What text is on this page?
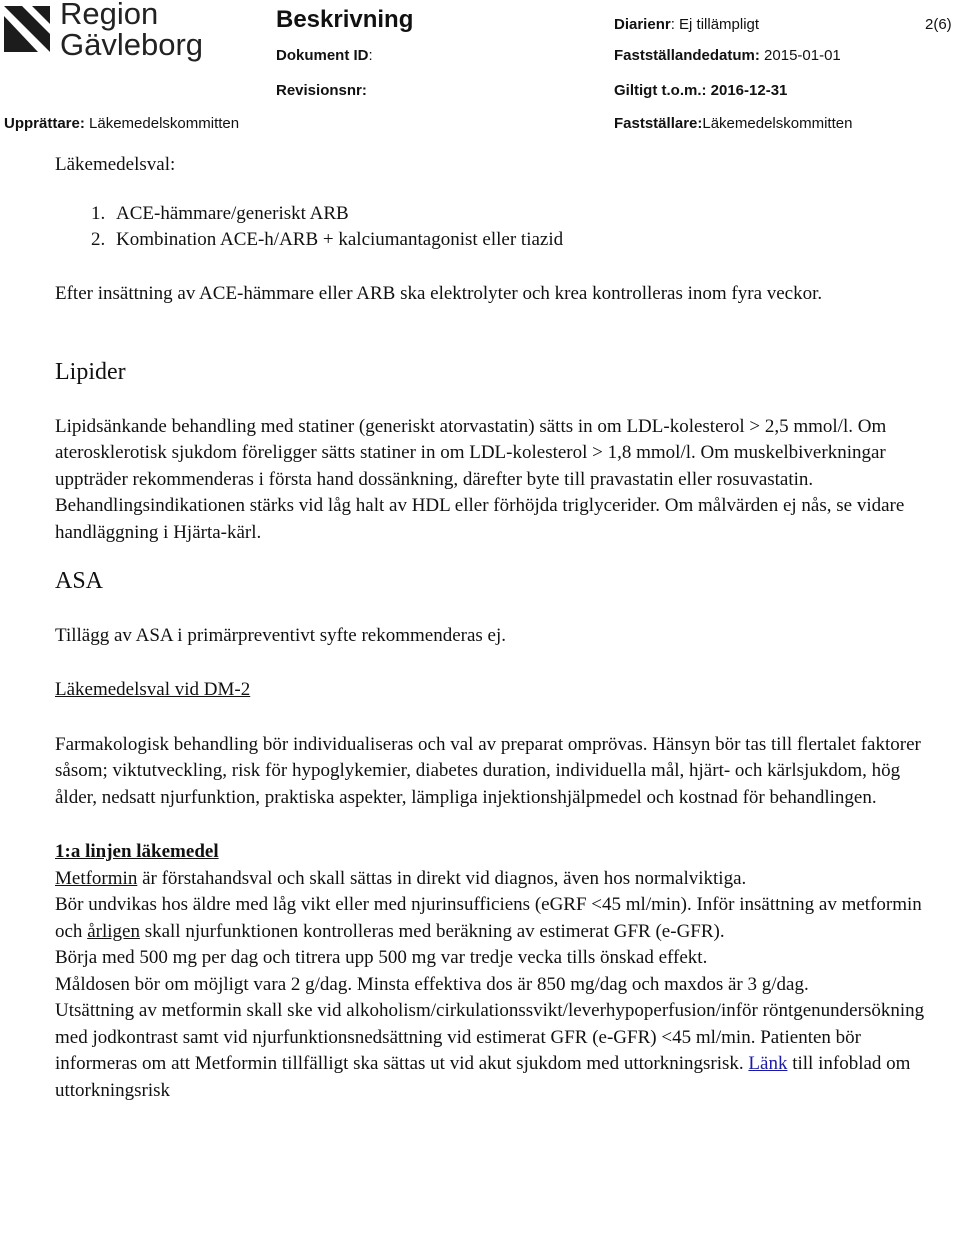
Region
Gävleborg
Beskrivning	Diarienr: Ej tillämpligt	2(6)
Dokument ID:	Fastställandedatum: 2015-01-01
Revisionsnr:	Giltigt t.o.m.: 2016-12-31
Upprättare: Läkemedelskommitten	Fastställare:Läkemedelskommitten

Läkemedelsval:

1. ACE-hämmare/generiskt ARB
2. Kombination ACE-h/ARB + kalciumantagonist eller tiazid

Efter insättning av ACE-hämmare eller ARB ska elektrolyter och krea kontrolleras inom fyra veckor.

Lipider

Lipidsänkande behandling med statiner (generiskt atorvastatin) sätts in om LDL-kolesterol > 2,5 mmol/l. Om aterosklerotisk sjukdom föreligger sätts statiner in om LDL-kolesterol > 1,8 mmol/l. Om muskelbiverkningar uppträder rekommenderas i första hand dossänkning, därefter byte till pravastatin eller rosuvastatin. Behandlingsindikationen stärks vid låg halt av HDL eller förhöjda triglycerider. Om målvärden ej nås, se vidare handläggning i Hjärta-kärl.

ASA

Tillägg av ASA i primärpreventivt syfte rekommenderas ej.

Läkemedelsval vid DM-2

Farmakologisk behandling bör individualiseras och val av preparat omprövas. Hänsyn bör tas till flertalet faktorer såsom; viktutveckling, risk för hypoglykemier, diabetes duration, individuella mål, hjärt- och kärlsjukdom, hög ålder, nedsatt njurfunktion, praktiska aspekter, lämpliga injektionshjälpmedel och kostnad för behandlingen.

1:a linjen läkemedel

Metformin är förstahandsval och skall sättas in direkt vid diagnos, även hos normalviktiga.

Bör undvikas hos äldre med låg vikt eller med njurinsufficiens (eGRF <45 ml/min). Inför insättning av metformin och årligen skall njurfunktionen kontrolleras med beräkning av estimerat GFR (e-GFR).

Börja med 500 mg per dag och titrera upp 500 mg var tredje vecka tills önskad effekt.

Måldosen bör om möjligt vara 2 g/dag. Minsta effektiva dos är 850 mg/dag och maxdos är 3 g/dag.

Utsättning av metformin skall ske vid alkoholism/cirkulationssvikt/leverhypoperfusion/inför röntgenundersökning med jodkontrast samt vid njurfunktionsnedsättning vid estimerat GFR (e-GFR) <45 ml/min. Patienten bör informeras om att Metformin tillfälligt ska sättas ut vid akut sjukdom med uttorkningsrisk. Länk till infoblad om uttorkningsrisk
